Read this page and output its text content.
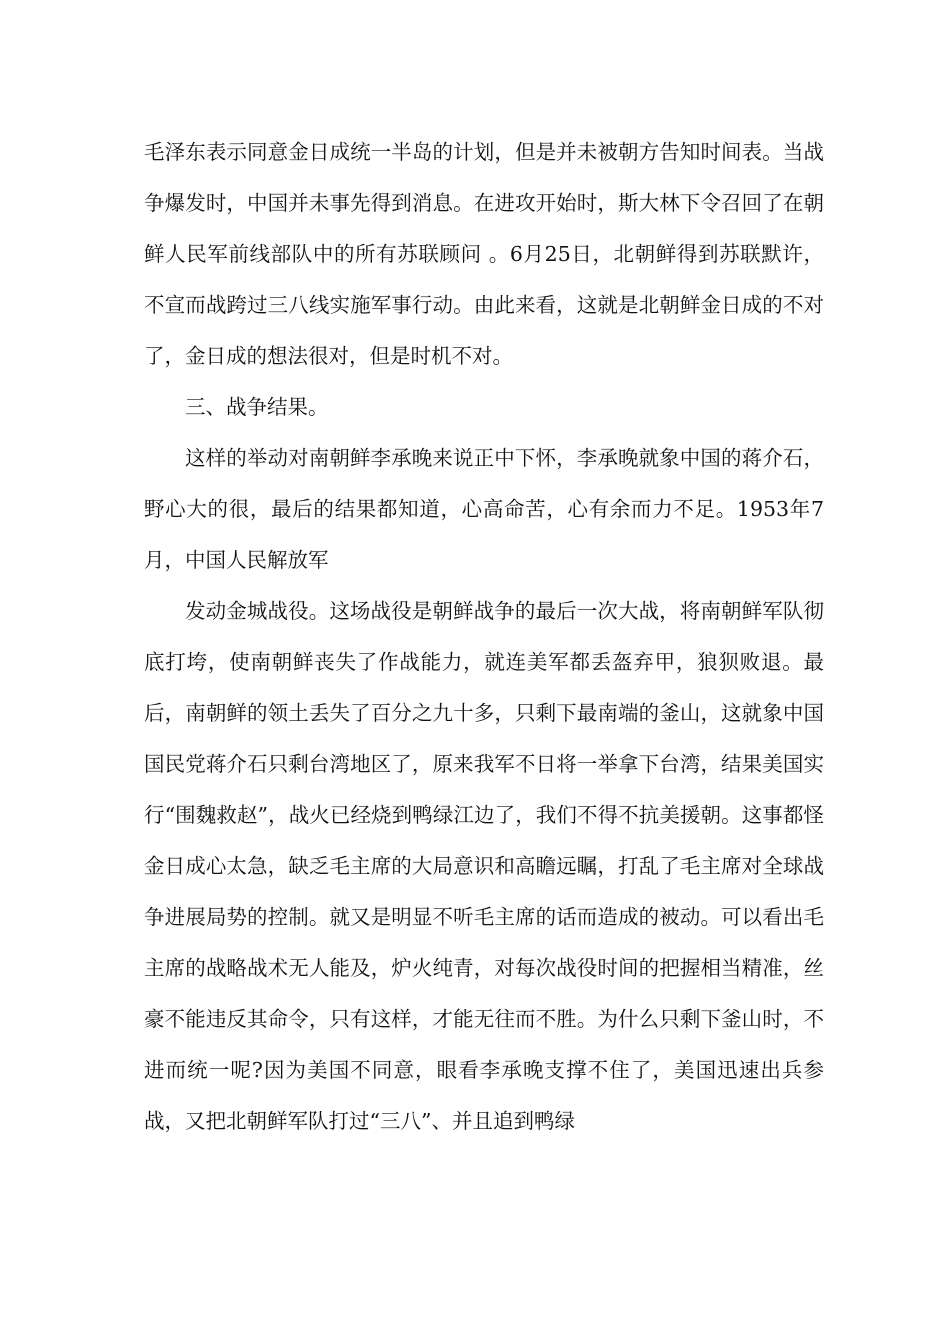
毛泽东表示同意金日成统一半岛的计划，但是并未被朝方告知时间表。当战争爆发时，中国并未事先得到消息。在进攻开始时，斯大林下令召回了在朝鲜人民军前线部队中的所有苏联顾问 。6月25日，北朝鲜得到苏联默许，不宣而战跨过三八线实施军事行动。由此来看，这就是北朝鲜金日成的不对了，金日成的想法很对，但是时机不对。

三、战争结果。

这样的举动对南朝鲜李承晚来说正中下怀，李承晚就象中国的蒋介石，野心大的很，最后的结果都知道，心高命苦，心有余而力不足。1953年7月，中国人民解放军

发动金城战役。这场战役是朝鲜战争的最后一次大战，将南朝鲜军队彻底打垮，使南朝鲜丧失了作战能力，就连美军都丢盔弃甲，狼狈败退。最后，南朝鲜的领土丢失了百分之九十多，只剩下最南端的釜山，这就象中国国民党蒋介石只剩台湾地区了，原来我军不日将一举拿下台湾，结果美国实行“围魏救赵”，战火已经烧到鸭绿江边了，我们不得不抗美援朝。这事都怪金日成心太急，缺乏毛主席的大局意识和高瞻远瞩，打乱了毛主席对全球战争进展局势的控制。就又是明显不听毛主席的话而造成的被动。可以看出毛主席的战略战术无人能及，炉火纯青，对每次战役时间的把握相当精准，丝豪不能违反其命令，只有这样，才能无往而不胜。为什么只剩下釜山时，不进而统一呢?因为美国不同意，眼看李承晚支撑不住了，美国迅速出兵参战，又把北朝鲜军队打过“三八”、并且追到鸭绿
